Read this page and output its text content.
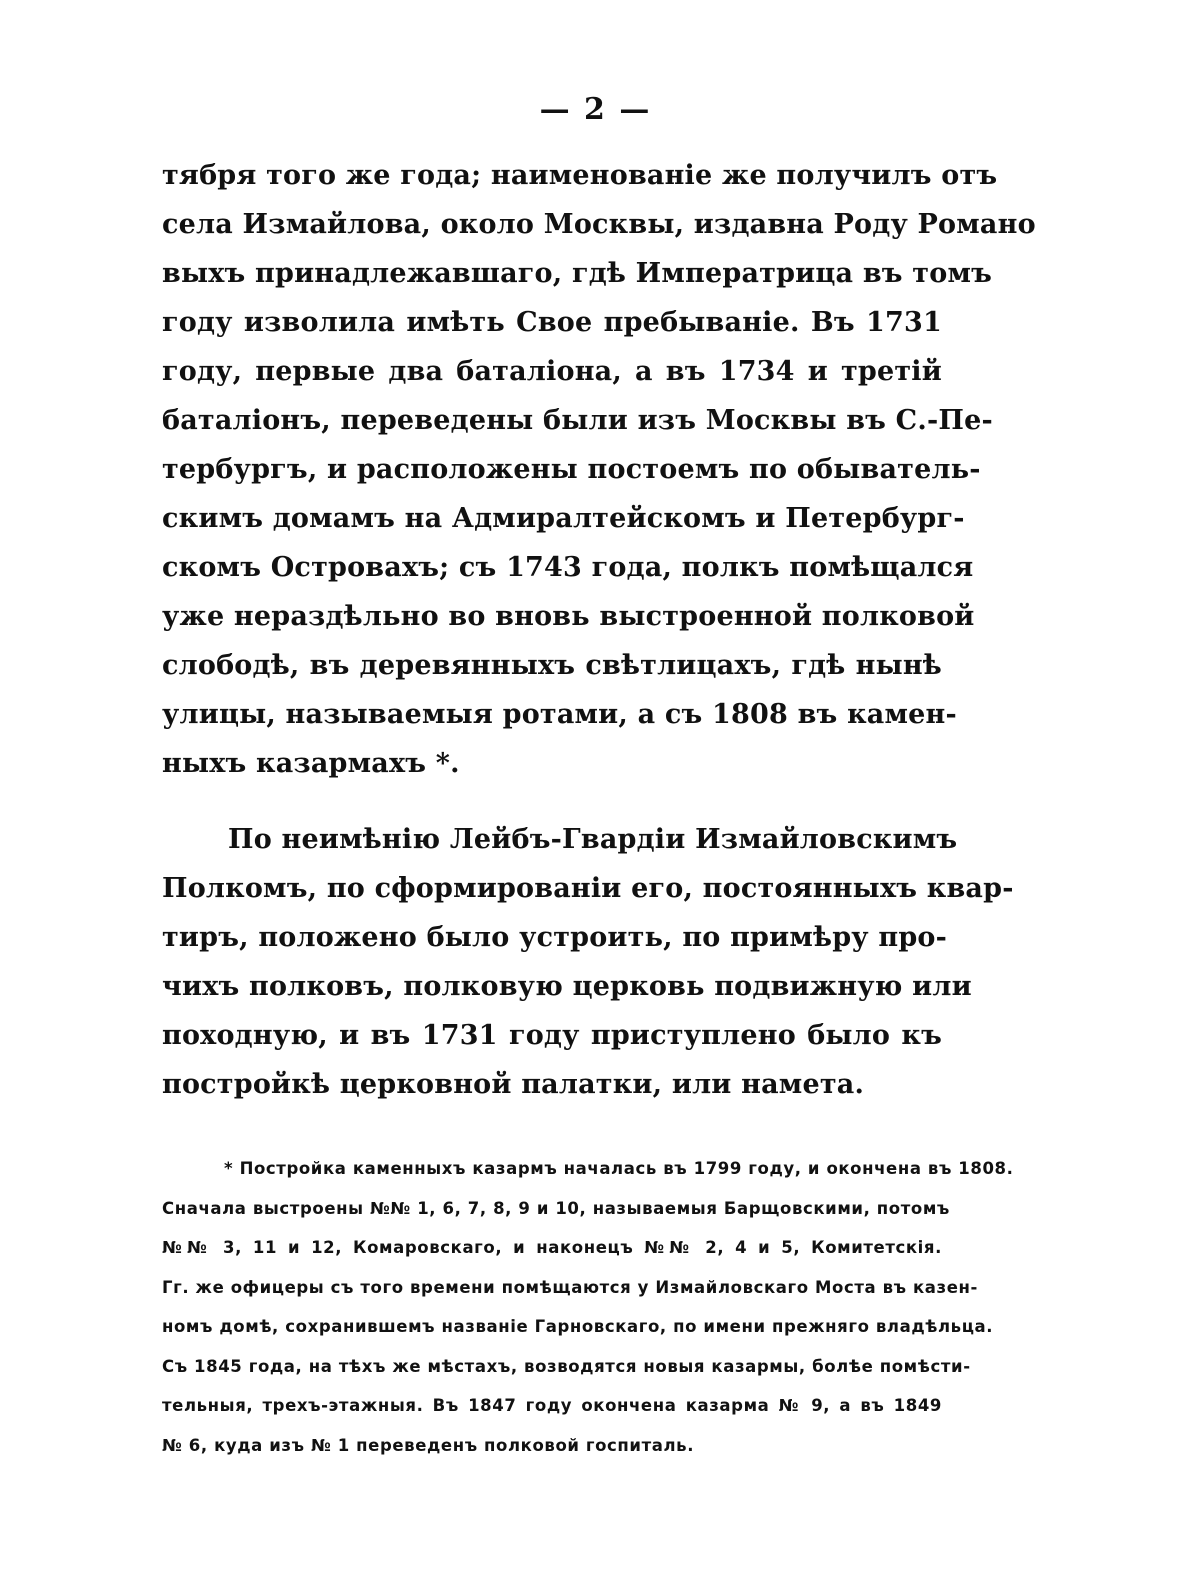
— 2 —

тября того же года; наименованіе же получилъ отъ
села Измайлова, около Москвы, издавна Роду Романо
выхъ принадлежавшаго, гдѣ Императрица въ томъ
году изволила имѣть Свое пребываніе. Въ 1731
году, первые два баталіона, а въ 1734 и третій
баталіонъ, переведены были изъ Москвы въ С.-Пе-
тербургъ, и расположены постоемъ по обыватель-
скимъ домамъ на Адмиралтейскомъ и Петербург-
скомъ Островахъ; съ 1743 года, полкъ помѣщался
уже нераздѣльно во вновь выстроенной полковой
слободѣ, въ деревянныхъ свѣтлицахъ, гдѣ нынѣ
улицы, называемыя ротами, а съ 1808 въ камен-
ныхъ казармахъ *.
По неимѣнію Лейбъ-Гвардіи Измайловскимъ
Полкомъ, по сформированіи его, постоянныхъ квар-
тиръ, положено было устроить, по примѣру про-
чихъ полковъ, полковую церковь подвижную или
походную, и въ 1731 году приступлено было къ
постройкѣ церковной палатки, или намета.
* Постройка каменныхъ казармъ началась въ 1799 году, и окончена въ 1808.
Сначала выстроены №№ 1, 6, 7, 8, 9 и 10, называемыя Барщовскими, потомъ
№№ 3, 11 и 12, Комаровскаго, и наконецъ №№ 2, 4 и 5, Комитетскія.
Гг. же офицеры съ того времени помѣщаются у Измайловскаго Моста въ казен-
номъ домѣ, сохранившемъ названіе Гарновскаго, по имени прежняго владѣльца.
Съ 1845 года, на тѣхъ же мѣстахъ, возводятся новыя казармы, болѣе помѣсти-
тельныя, трехъ-этажныя. Въ 1847 году окончена казарма № 9, а въ 1849
№ 6, куда изъ № 1 переведенъ полковой госпиталь.
